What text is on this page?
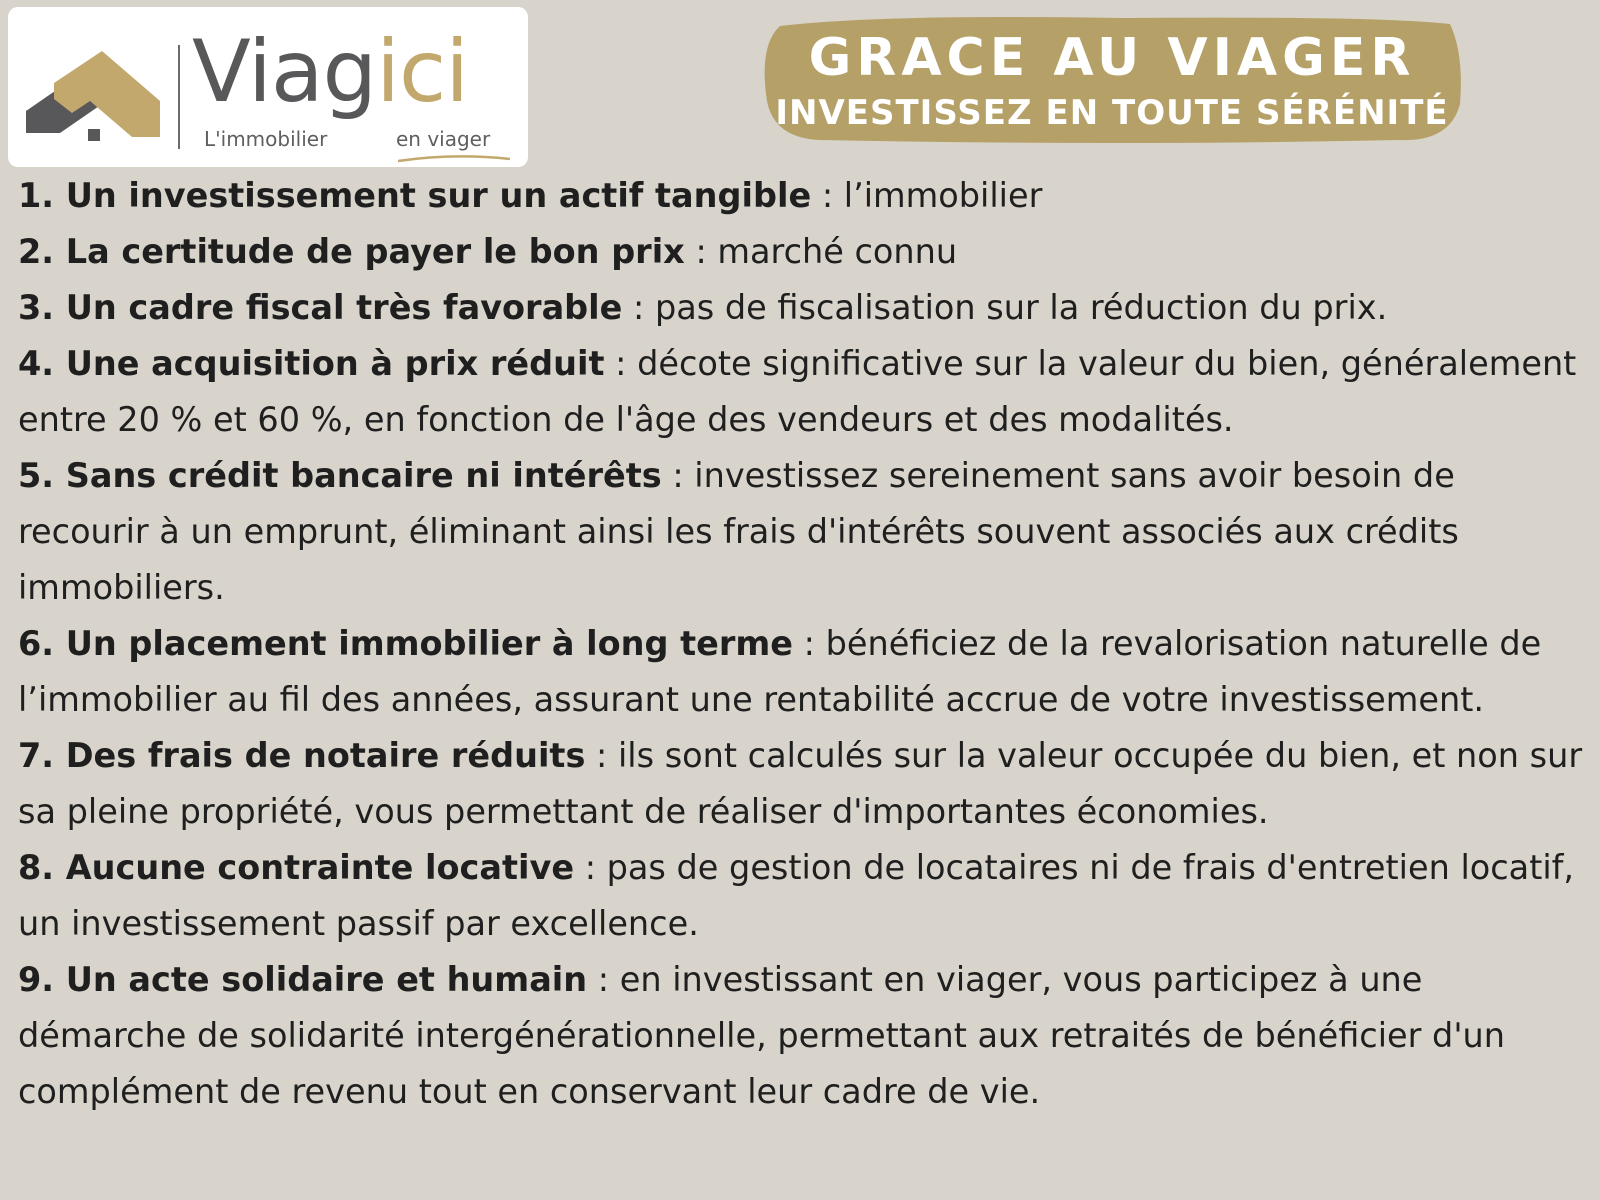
Viagici
L'immobilier	en viager
GRACE AU VIAGER
INVESTISSEZ EN TOUTE SÉRÉNITÉ

1. Un investissement sur un actif tangible : l’immobilier

2. La certitude de payer le bon prix : marché connu

3. Un cadre fiscal très favorable : pas de fiscalisation sur la réduction du prix.

4. Une acquisition à prix réduit : décote significative sur la valeur du bien, généralement entre 20 % et 60 %, en fonction de l'âge des vendeurs et des modalités.

5. Sans crédit bancaire ni intérêts : investissez sereinement sans avoir besoin de recourir à un emprunt, éliminant ainsi les frais d'intérêts souvent associés aux crédits immobiliers.

6. Un placement immobilier à long terme : bénéficiez de la revalorisation naturelle de l’immobilier au fil des années, assurant une rentabilité accrue de votre investissement.

7. Des frais de notaire réduits : ils sont calculés sur la valeur occupée du bien, et non sur sa pleine propriété, vous permettant de réaliser d'importantes économies.

8. Aucune contrainte locative : pas de gestion de locataires ni de frais d'entretien locatif, un investissement passif par excellence.

9. Un acte solidaire et humain : en investissant en viager, vous participez à une démarche de solidarité intergénérationnelle, permettant aux retraités de bénéficier d'un complément de revenu tout en conservant leur cadre de vie.
